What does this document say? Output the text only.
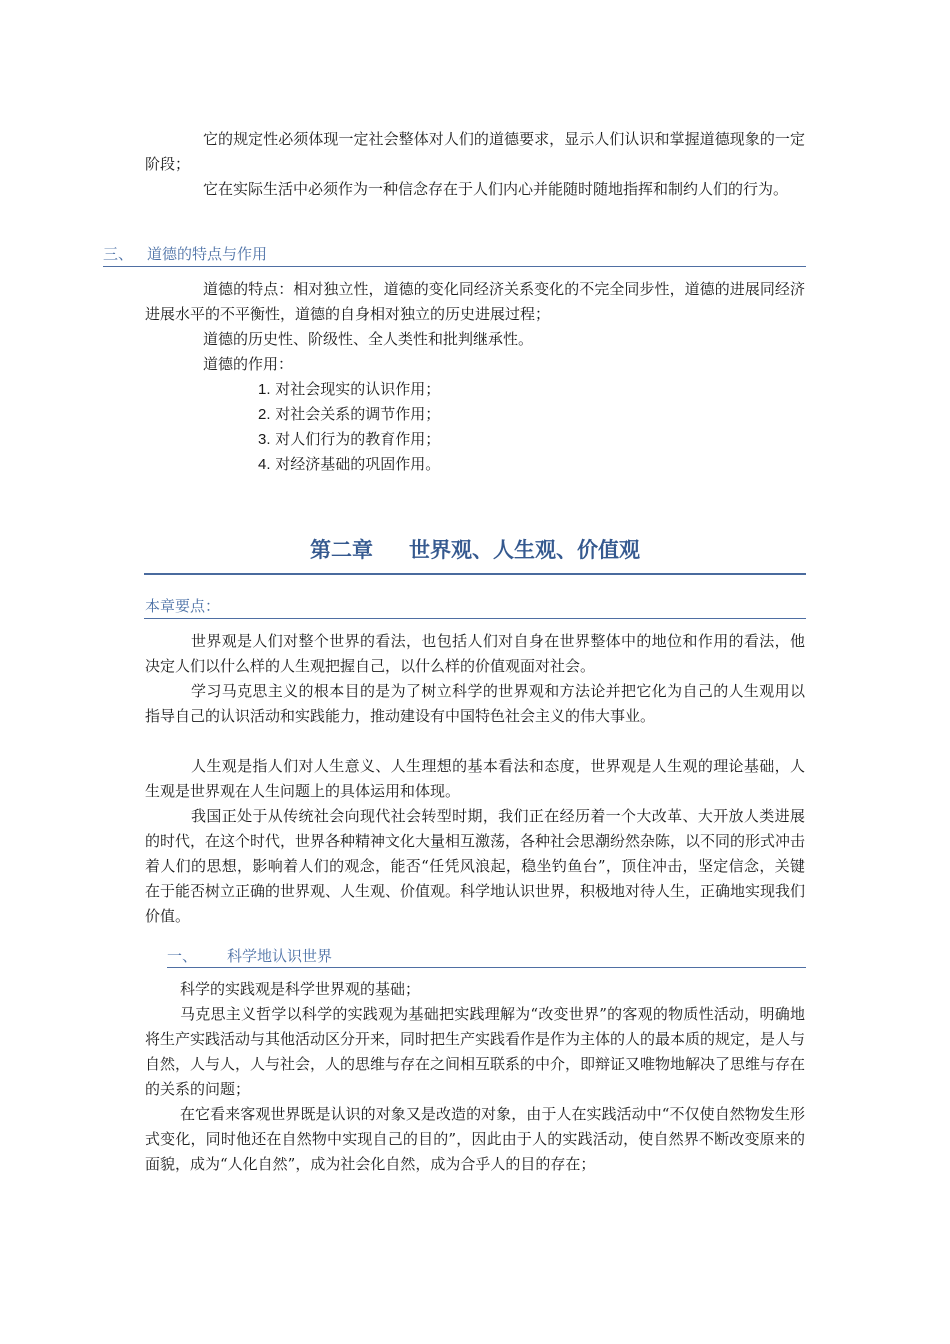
它的规定性必须体现一定社会整体对人们的道德要求，显示人们认识和掌握道德现象的一定阶段；

它在实际生活中必须作为一种信念存在于人们内心并能随时随地指挥和制约人们的行为。

三、 道德的特点与作用

道德的特点：相对独立性，道德的变化同经济关系变化的不完全同步性，道德的进展同经济进展水平的不平衡性，道德的自身相对独立的历史进展过程；

道德的历史性、阶级性、全人类性和批判继承性。

道德的作用：

1. 对社会现实的认识作用；
2. 对社会关系的调节作用；
3. 对人们行为的教育作用；
4. 对经济基础的巩固作用。
第二章 世界观、人生观、价值观
本章要点：

世界观是人们对整个世界的看法，也包括人们对自身在世界整体中的地位和作用的看法，他决定人们以什么样的人生观把握自己，以什么样的价值观面对社会。

学习马克思主义的根本目的是为了树立科学的世界观和方法论并把它化为自己的人生观用以指导自己的认识活动和实践能力，推动建设有中国特色社会主义的伟大事业。

人生观是指人们对人生意义、人生理想的基本看法和态度，世界观是人生观的理论基础，人生观是世界观在人生问题上的具体运用和体现。

我国正处于从传统社会向现代社会转型时期，我们正在经历着一个大改革、大开放人类进展的时代，在这个时代，世界各种精神文化大量相互激荡，各种社会思潮纷然杂陈，以不同的形式冲击着人们的思想，影响着人们的观念，能否“任凭风浪起，稳坐钓鱼台”，顶住冲击，坚定信念，关键在于能否树立正确的世界观、人生观、价值观。科学地认识世界，积极地对待人生，正确地实现我们价值。

一、 科学地认识世界

科学的实践观是科学世界观的基础；

马克思主义哲学以科学的实践观为基础把实践理解为“改变世界”的客观的物质性活动，明确地将生产实践活动与其他活动区分开来，同时把生产实践看作是作为主体的人的最本质的规定，是人与自然，人与人，人与社会，人的思维与存在之间相互联系的中介，即辩证又唯物地解决了思维与存在的关系的问题；

在它看来客观世界既是认识的对象又是改造的对象，由于人在实践活动中“不仅使自然物发生形式变化，同时他还在自然物中实现自己的目的”，因此由于人的实践活动，使自然界不断改变原来的面貌，成为“人化自然”，成为社会化自然，成为合乎人的目的存在；
